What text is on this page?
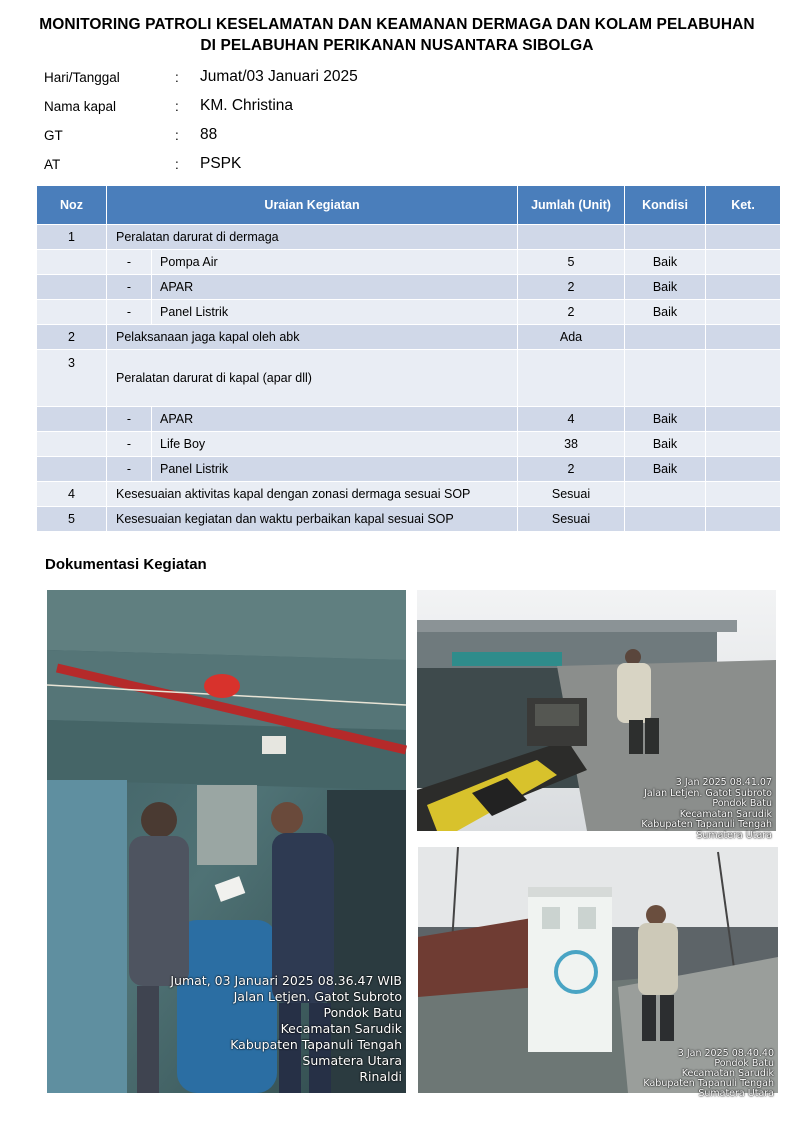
MONITORING PATROLI KESELAMATAN DAN KEAMANAN DERMAGA DAN KOLAM PELABUHAN
DI PELABUHAN PERIKANAN NUSANTARA SIBOLGA
Hari/Tanggal	: Jumat/03 Januari 2025
Nama kapal	: KM. Christina
GT	: 88
AT	: PSPK
Noz	Uraian Kegiatan		Jumlah (Unit)	Kondisi	Ket.
1	Peralatan darurat di dermaga				
	-	Pompa Air	5	Baik	
	-	APAR	2	Baik	
	-	Panel Listrik	2	Baik	
2	Pelaksanaan jaga kapal oleh abk		Ada		
3	Peralatan darurat di kapal (apar dll)				
	-	APAR	4	Baik	
	-	Life Boy	38	Baik	
	-	Panel Listrik	2	Baik	
4	Kesesuaian aktivitas kapal dengan zonasi dermaga sesuai SOP		Sesuai		
5	Kesesuaian kegiatan dan waktu perbaikan kapal sesuai SOP		Sesuai		
Dokumentasi Kegiatan
Jumat, 03 Januari 2025 08.36.47 WIB
Jalan Letjen. Gatot Subroto
Pondok Batu
Kecamatan Sarudik
Kabupaten Tapanuli Tengah
Sumatera Utara
Rinaldi
3 Jan 2025 08.41.07
Jalan Letjen. Gatot Subroto
Pondok Batu
Kecamatan Sarudik
Kabupaten Tapanuli Tengah
Sumatera Utara
3 Jan 2025 08.40.40
Pondok Batu
Kecamatan Sarudik
Kabupaten Tapanuli Tengah
Sumatera Utara
